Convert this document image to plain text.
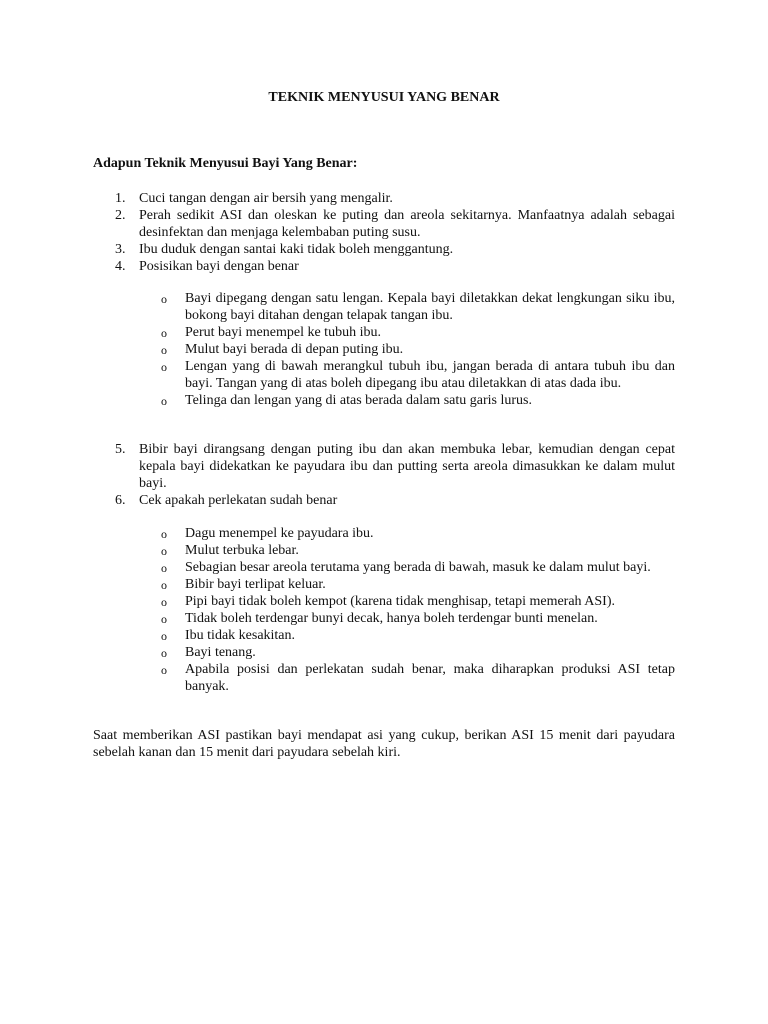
TEKNIK MENYUSUI YANG BENAR

Adapun Teknik Menyusui Bayi Yang Benar:

1. Cuci tangan dengan air bersih yang mengalir.
2. Perah sedikit ASI dan oleskan ke puting dan areola sekitarnya. Manfaatnya adalah sebagai desinfektan dan menjaga kelembaban puting susu.
3. Ibu duduk dengan santai kaki tidak boleh menggantung.
4. Posisikan bayi dengan benar
o Bayi dipegang dengan satu lengan. Kepala bayi diletakkan dekat lengkungan siku ibu, bokong bayi ditahan dengan telapak tangan ibu.
o Perut bayi menempel ke tubuh ibu.
o Mulut bayi berada di depan puting ibu.
o Lengan yang di bawah merangkul tubuh ibu, jangan berada di antara tubuh ibu dan bayi. Tangan yang di atas boleh dipegang ibu atau diletakkan di atas dada ibu.
o Telinga dan lengan yang di atas berada dalam satu garis lurus.
5. Bibir bayi dirangsang dengan puting ibu dan akan membuka lebar, kemudian dengan cepat kepala bayi didekatkan ke payudara ibu dan putting serta areola dimasukkan ke dalam mulut bayi.
6. Cek apakah perlekatan sudah benar
o Dagu menempel ke payudara ibu.
o Mulut terbuka lebar.
o Sebagian besar areola terutama yang berada di bawah, masuk ke dalam mulut bayi.
o Bibir bayi terlipat keluar.
o Pipi bayi tidak boleh kempot (karena tidak menghisap, tetapi memerah ASI).
o Tidak boleh terdengar bunyi decak, hanya boleh terdengar bunti menelan.
o Ibu tidak kesakitan.
o Bayi tenang.
o Apabila posisi dan perlekatan sudah benar, maka diharapkan produksi ASI tetap banyak.

Saat memberikan ASI pastikan bayi mendapat asi yang cukup, berikan ASI 15 menit dari payudara sebelah kanan dan 15 menit dari payudara sebelah kiri.
